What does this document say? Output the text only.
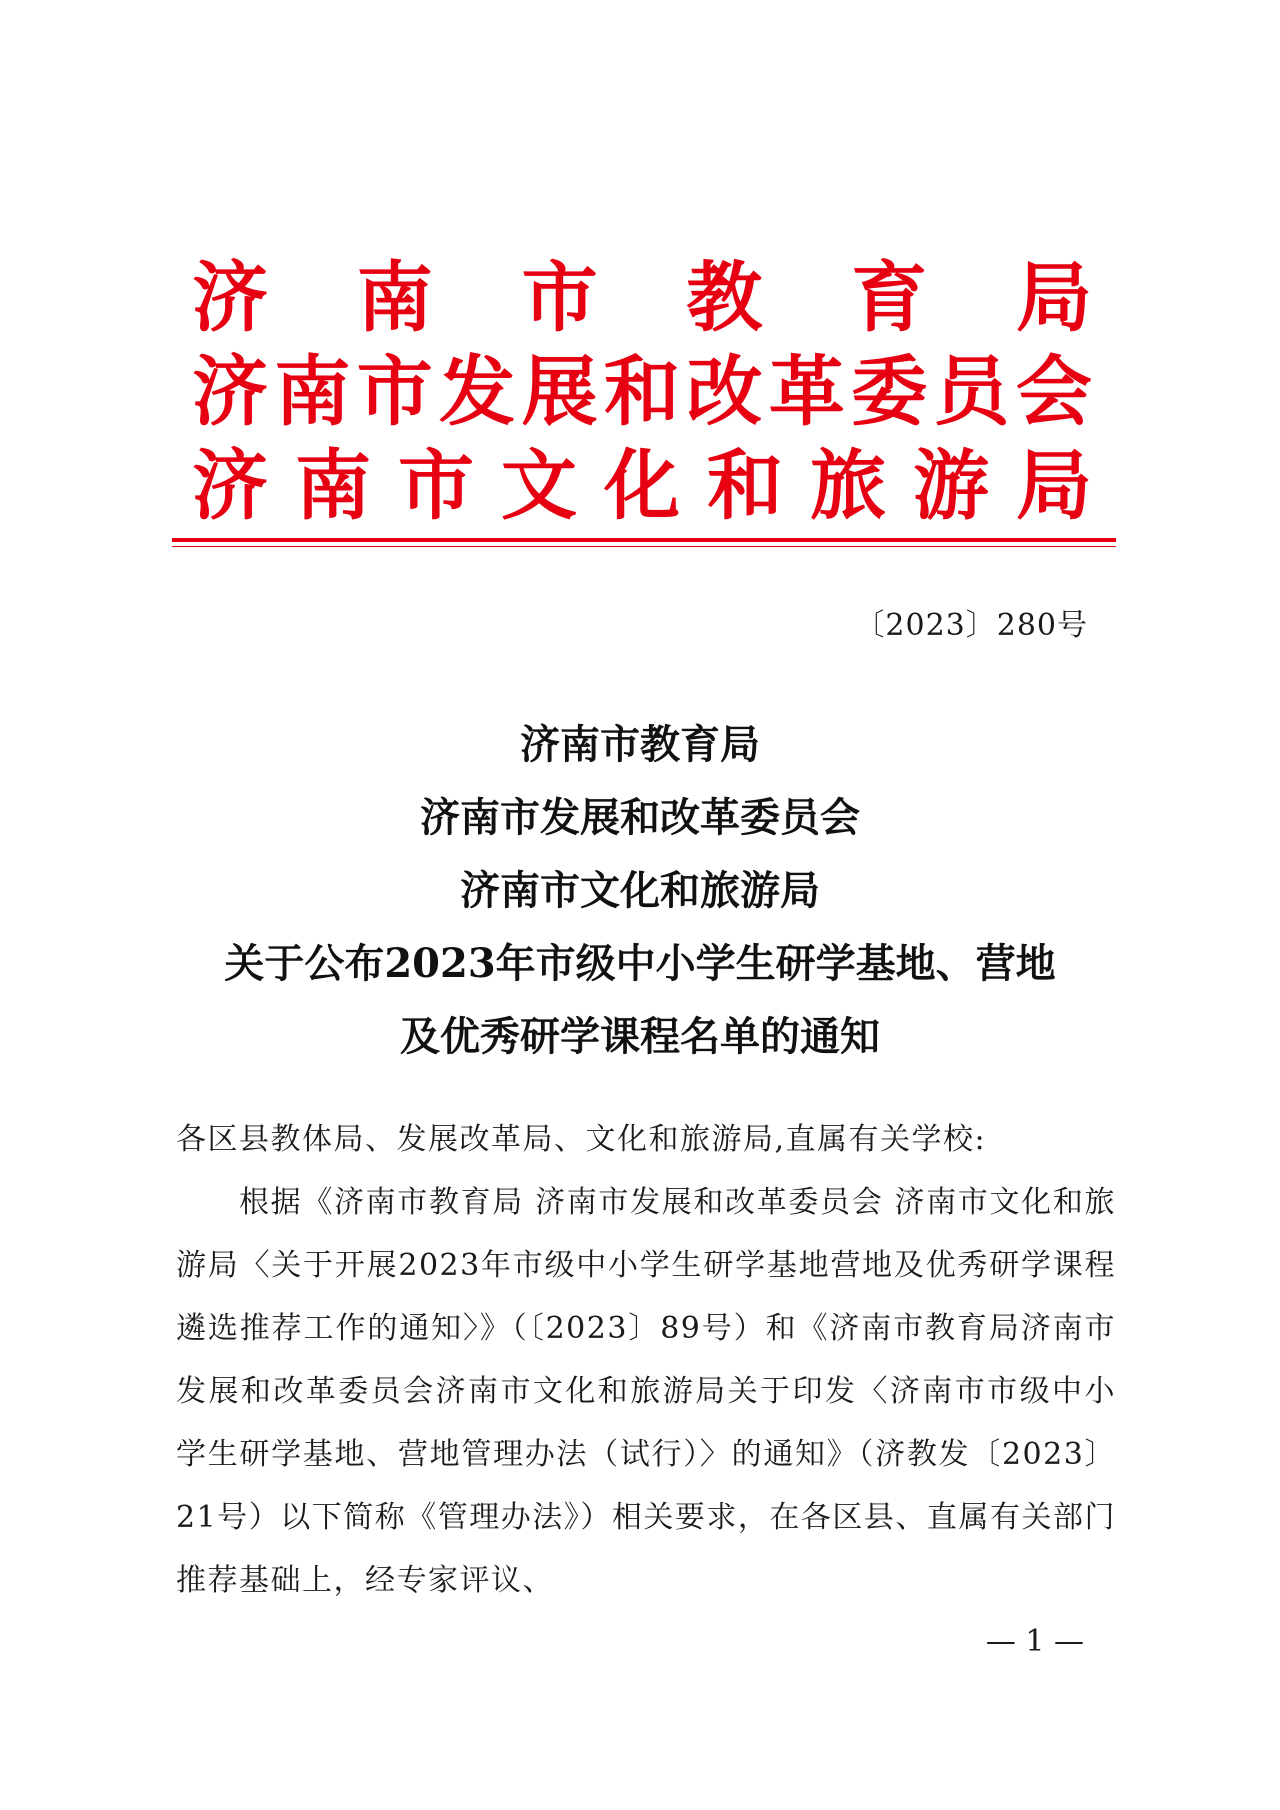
济 南 市 教 育 局
济 南 市 发 展 和 改 革 委 员 会
济 南 市 文 化 和 旅 游 局
〔2023〕280号
济南市教育局
济南市发展和改革委员会
济南市文化和旅游局
关于公布2023年市级中小学生研学基地、营地
及优秀研学课程名单的通知

各区县教体局、发展改革局、文化和旅游局,直属有关学校:

根据《济南市教育局 济南市发展和改革委员会 济南市文化和旅游局〈关于开展2023年市级中小学生研学基地营地及优秀研学课程遴选推荐工作的通知〉》（〔2023〕89号）和《济南市教育局济南市发展和改革委员会济南市文化和旅游局关于印发〈济南市市级中小学生研学基地、营地管理办法（试行）〉的通知》（济教发〔2023〕21号）以下简称《管理办法》）相关要求，在各区县、直属有关部门推荐基础上，经专家评议、

— 1 —
